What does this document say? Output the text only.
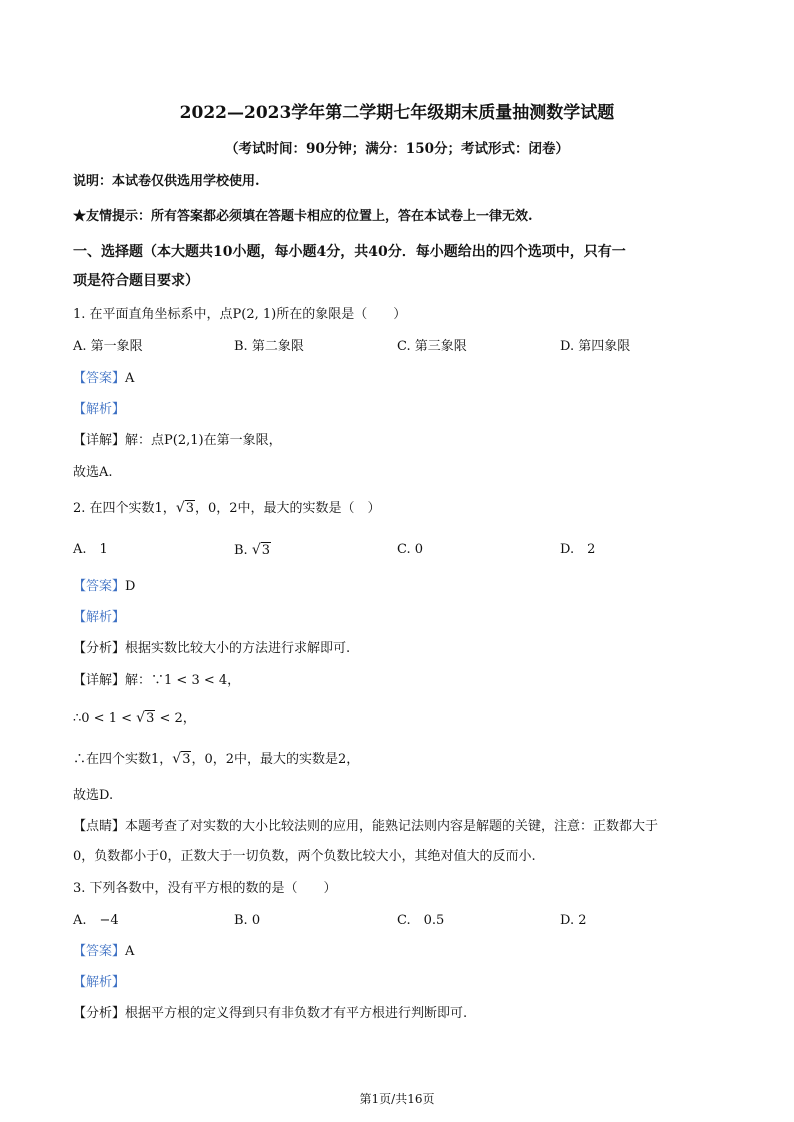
2022—2023学年第二学期七年级期末质量抽测数学试题
（考试时间：90分钟；满分：150分；考试形式：闭卷）
说明：本试卷仅供选用学校使用.
★友情提示：所有答案都必须填在答题卡相应的位置上，答在本试卷上一律无效.
一、选择题（本大题共10小题，每小题4分，共40分．每小题给出的四个选项中，只有一
项是符合题目要求）
1. 在平面直角坐标系中，点P(2, 1)所在的象限是（　　）
A. 第一象限	B. 第二象限	C. 第三象限	D. 第四象限
【答案】A
【解析】
【详解】解：点P(2,1)在第一象限，
故选A.
2. 在四个实数1，√3，0，2中，最大的实数是（　）
A.　1	B. √3	C. 0	D.　2
【答案】D
【解析】
【分析】根据实数比较大小的方法进行求解即可.
【详解】解：∵1 < 3 < 4，
∴0 < 1 < √3 < 2，
∴在四个实数1，√3，0，2中，最大的实数是2，
故选D.
【点睛】本题考查了对实数的大小比较法则的应用，能熟记法则内容是解题的关键，注意：正数都大于
0，负数都小于0，正数大于一切负数，两个负数比较大小，其绝对值大的反而小.
3. 下列各数中，没有平方根的数的是（　　）
A.　−4	B. 0	C.　0.5	D. 2
【答案】A
【解析】
【分析】根据平方根的定义得到只有非负数才有平方根进行判断即可.
第1页/共16页
